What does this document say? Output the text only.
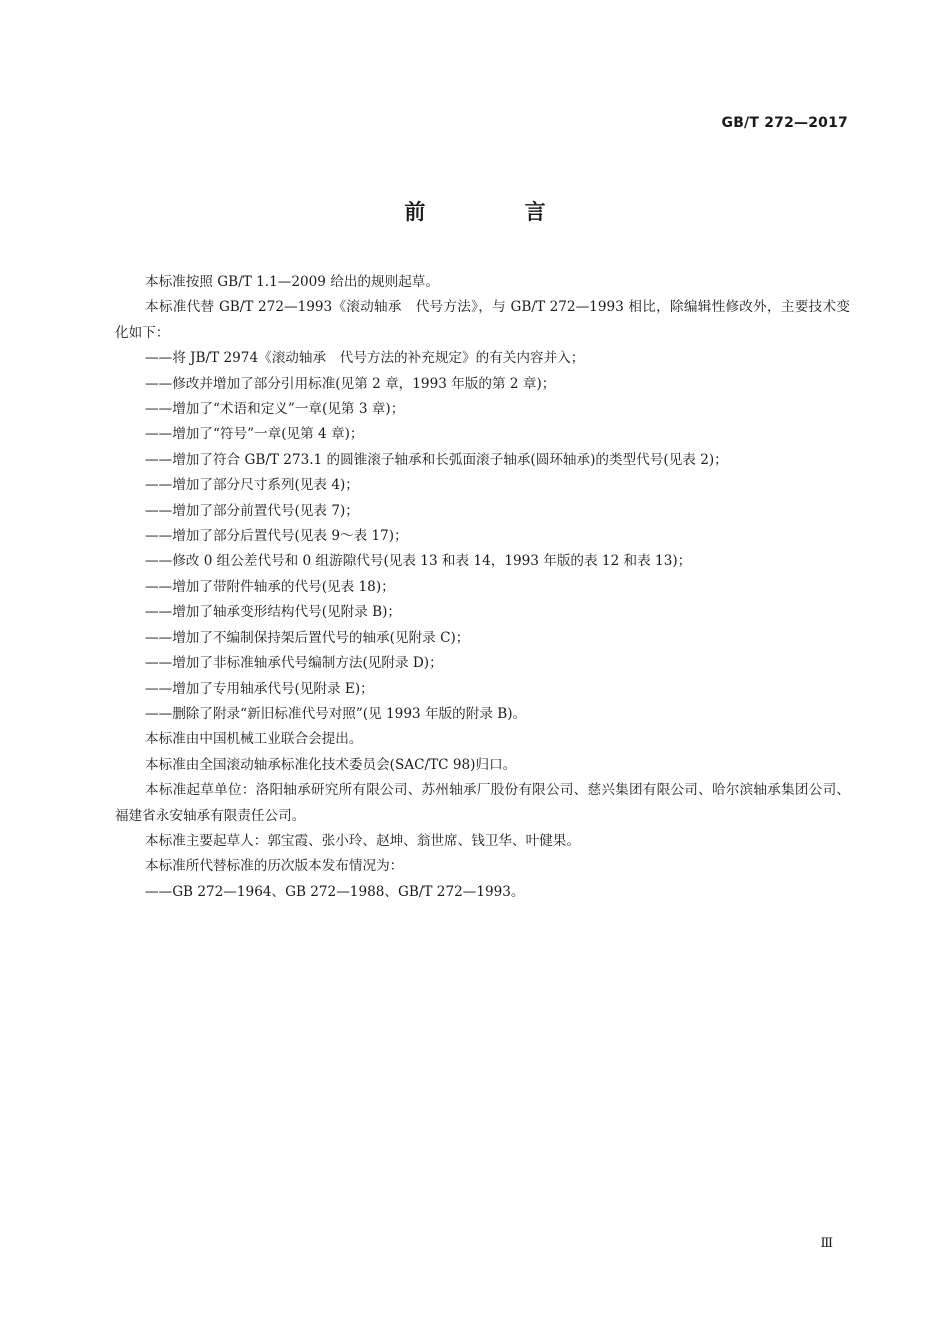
GB/T 272—2017
前 言

本标准按照 GB/T 1.1—2009 给出的规则起草。

本标准代替 GB/T 272—1993《滚动轴承　代号方法》，与 GB/T 272—1993 相比，除编辑性修改外，主要技术变化如下：

——将 JB/T 2974《滚动轴承　代号方法的补充规定》的有关内容并入；

——修改并增加了部分引用标准(见第 2 章，1993 年版的第 2 章)；

——增加了“术语和定义”一章(见第 3 章)；

——增加了“符号”一章(见第 4 章)；

——增加了符合 GB/T 273.1 的圆锥滚子轴承和长弧面滚子轴承(圆环轴承)的类型代号(见表 2)；

——增加了部分尺寸系列(见表 4)；

——增加了部分前置代号(见表 7)；

——增加了部分后置代号(见表 9～表 17)；

——修改 0 组公差代号和 0 组游隙代号(见表 13 和表 14，1993 年版的表 12 和表 13)；

——增加了带附件轴承的代号(见表 18)；

——增加了轴承变形结构代号(见附录 B)；

——增加了不编制保持架后置代号的轴承(见附录 C)；

——增加了非标准轴承代号编制方法(见附录 D)；

——增加了专用轴承代号(见附录 E)；

——删除了附录“新旧标准代号对照”(见 1993 年版的附录 B)。

本标准由中国机械工业联合会提出。

本标准由全国滚动轴承标准化技术委员会(SAC/TC 98)归口。

本标准起草单位：洛阳轴承研究所有限公司、苏州轴承厂股份有限公司、慈兴集团有限公司、哈尔滨轴承集团公司、福建省永安轴承有限责任公司。

本标准主要起草人：郭宝霞、张小玲、赵坤、翁世席、钱卫华、叶健果。

本标准所代替标准的历次版本发布情况为：

——GB 272—1964、GB 272—1988、GB/T 272—1993。

Ⅲ
